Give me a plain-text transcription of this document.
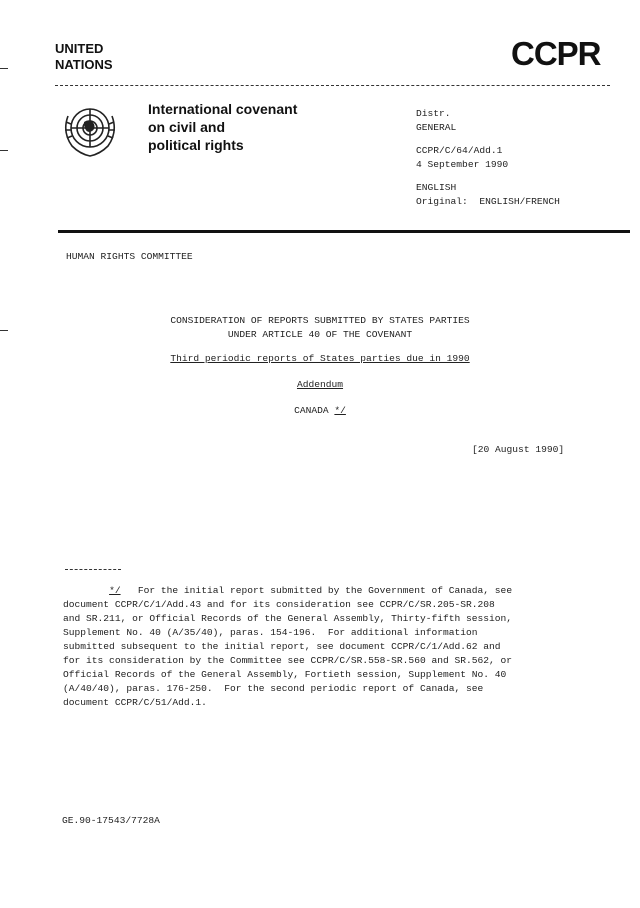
UNITED
NATIONS	CCPR
International covenant
on civil and
political rights
Distr.
GENERAL
CCPR/C/64/Add.1
4 September 1990
ENGLISH
Original:  ENGLISH/FRENCH
HUMAN RIGHTS COMMITTEE
CONSIDERATION OF REPORTS SUBMITTED BY STATES PARTIES
UNDER ARTICLE 40 OF THE COVENANT
Third periodic reports of States parties due in 1990
Addendum
CANADA */
[20 August 1990]
*/ For the initial report submitted by the Government of Canada, see
document CCPR/C/1/Add.43 and for its consideration see CCPR/C/SR.205-SR.208
and SR.211, or Official Records of the General Assembly, Thirty-fifth session,
Supplement No. 40 (A/35/40), paras. 154-196.  For additional information
submitted subsequent to the initial report, see document CCPR/C/1/Add.62 and
for its consideration by the Committee see CCPR/C/SR.558-SR.560 and SR.562, or
Official Records of the General Assembly, Fortieth session, Supplement No. 40
(A/40/40), paras. 176-250.  For the second periodic report of Canada, see
document CCPR/C/51/Add.1.
GE.90-17543/7728A
